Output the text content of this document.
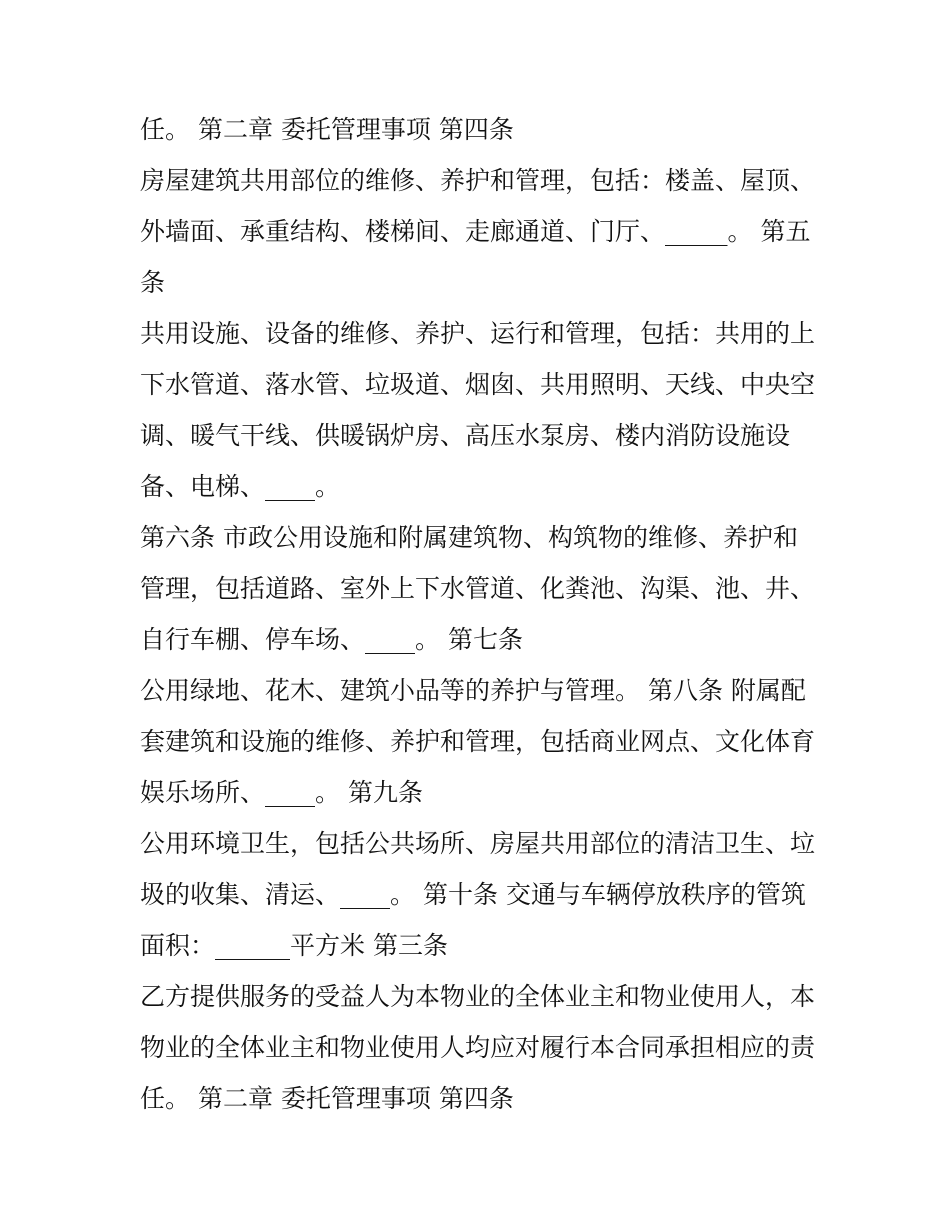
任。 第二章 委托管理事项 第四条
房屋建筑共用部位的维修、养护和管理，包括：楼盖、屋顶、
外墙面、承重结构、楼梯间、走廊通道、门厅、_____。 第五
条
共用设施、设备的维修、养护、运行和管理，包括：共用的上
下水管道、落水管、垃圾道、烟囱、共用照明、天线、中央空
调、暖气干线、供暖锅炉房、高压水泵房、楼内消防设施设
备、电梯、____。
第六条 市政公用设施和附属建筑物、构筑物的维修、养护和
管理，包括道路、室外上下水管道、化粪池、沟渠、池、井、
自行车棚、停车场、____。 第七条
公用绿地、花木、建筑小品等的养护与管理。 第八条 附属配
套建筑和设施的维修、养护和管理，包括商业网点、文化体育
娱乐场所、____。 第九条
公用环境卫生，包括公共场所、房屋共用部位的清洁卫生、垃
圾的收集、清运、____。 第十条 交通与车辆停放秩序的管筑
面积：______平方米 第三条
乙方提供服务的受益人为本物业的全体业主和物业使用人，本
物业的全体业主和物业使用人均应对履行本合同承担相应的责
任。 第二章 委托管理事项 第四条
